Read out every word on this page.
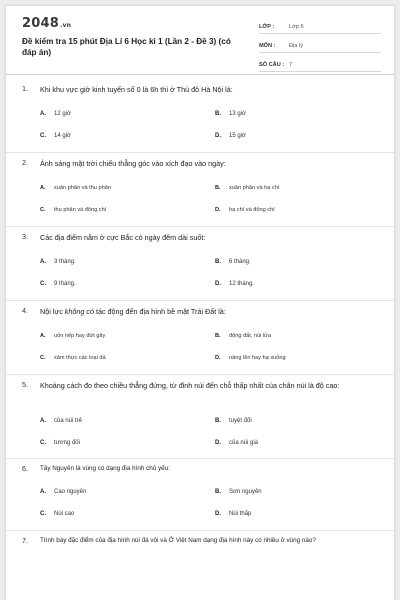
2048.vn
Đề kiểm tra 15 phút Địa Lí 6 Học kì 1 (Lần 2 - Đề 3) (có đáp án)
LỚP :	Lớp 6
MÔN :	Địa lý
SỐ CÂU : 7
1.	Khi khu vực giờ kinh tuyến số 0 là 6h thì ở Thủ đô Hà Nội là:
A.	12 giờ	B.	13 giờ
C.	14 giờ	D.	15 giờ
2.	Ánh sáng mặt trời chiếu thẳng góc vào xích đạo vào ngày:
A.	xuân phân và thu phân	B.	xuân phân và hạ chí
C.	thu phân và đông chí	D.	hạ chí và đông chí
3.	Các địa điểm nằm ở cực Bắc có ngày đêm dài suốt:
A.	3 tháng.	B.	6 tháng.
C.	9 tháng.	D.	12 tháng.
4.	Nội lực không có tác động đến địa hình bề mặt Trái Đất là:
A.	uốn nếp hay đứt gãy	B.	động đất, núi lửa
C.	xâm thực các loại đá	D.	nâng lên hay hạ xuống
5.	Khoảng cách đo theo chiều thẳng đứng, từ đỉnh núi đến chỗ thấp nhất của chân núi là độ cao:
A.	của núi trẻ	B.	tuyệt đối
C.	tương đối	D.	của núi già
6.	Tây Nguyên là vùng có dạng địa hình chủ yếu:
A.	Cao nguyên	B.	Sơn nguyên
C.	Núi cao	D.	Núi thấp
7.	Trình bày đặc điểm của địa hình núi đá vôi và Ở Việt Nam dạng địa hình này có nhiều ở vùng nào?
